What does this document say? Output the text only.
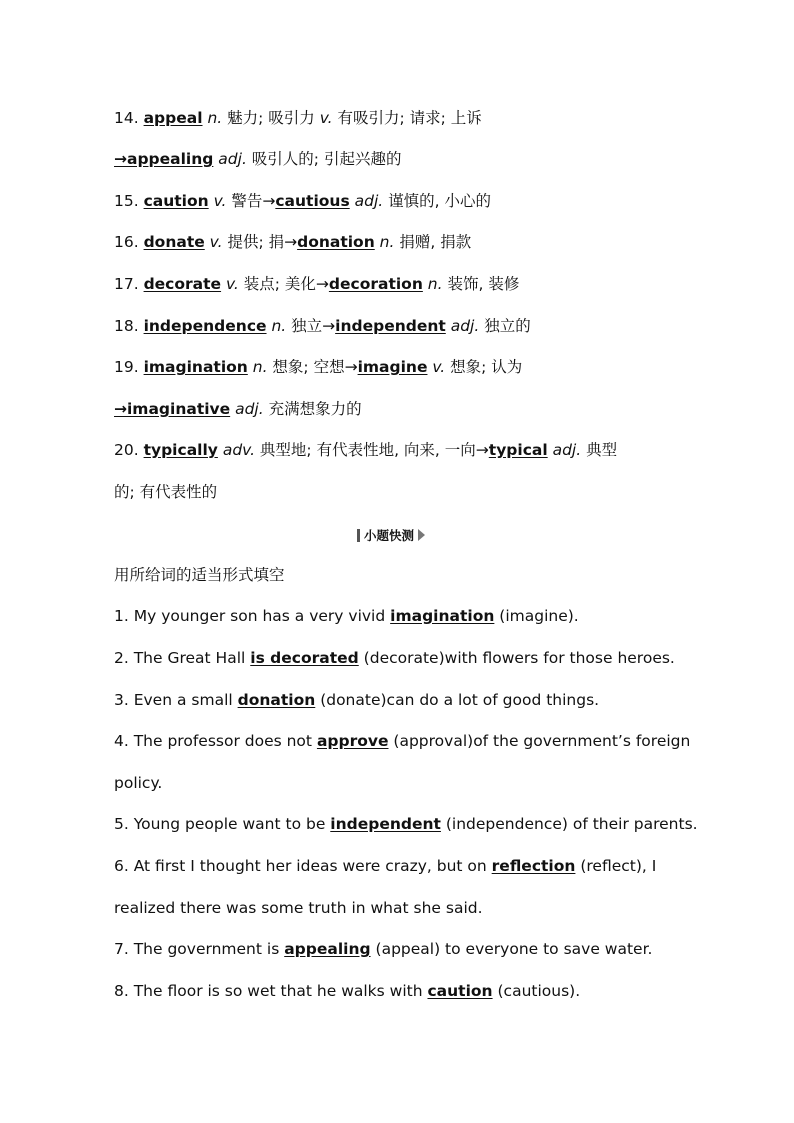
14. appeal n. 魅力; 吸引力 v. 有吸引力; 请求; 上诉
→appealing adj. 吸引人的; 引起兴趣的
15. caution v. 警告→cautious adj. 谨慎的, 小心的
16. donate v. 提供; 捐→donation n. 捐赠, 捐款
17. decorate v. 装点; 美化→decoration n. 装饰, 装修
18. independence n. 独立→independent adj. 独立的
19. imagination n. 想象; 空想→imagine v. 想象; 认为
→imaginative adj. 充满想象力的
20. typically adv. 典型地; 有代表性地, 向来, 一向→typical adj. 典型
的; 有代表性的
小题快测
用所给词的适当形式填空
1. My younger son has a very vivid imagination (imagine).
2. The Great Hall is decorated (decorate)with flowers for those heroes.
3. Even a small donation (donate)can do a lot of good things.
4. The professor does not approve (approval)of the government’s foreign
policy.
5. Young people want to be independent (independence) of their parents.
6. At first I thought her ideas were crazy, but on reflection (reflect), I
realized there was some truth in what she said.
7. The government is appealing (appeal) to everyone to save water.
8. The floor is so wet that he walks with caution (cautious).
